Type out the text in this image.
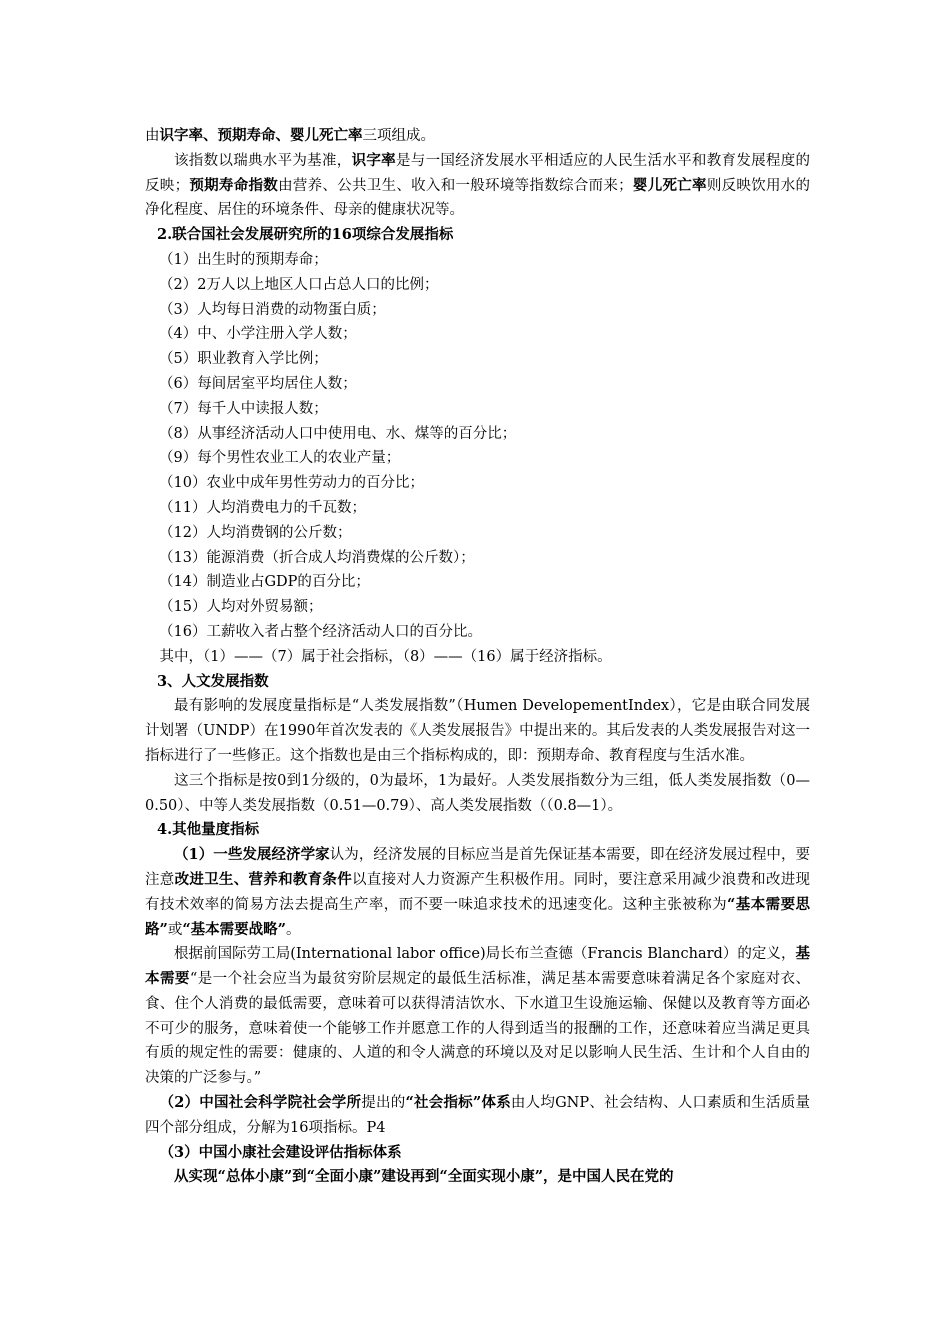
由识字率、预期寿命、婴儿死亡率三项组成。

该指数以瑞典水平为基准，识字率是与一国经济发展水平相适应的人民生活水平和教育发展程度的反映；预期寿命指数由营养、公共卫生、收入和一般环境等指数综合而来；婴儿死亡率则反映饮用水的净化程度、居住的环境条件、母亲的健康状况等。

2.联合国社会发展研究所的16项综合发展指标

（1）出生时的预期寿命；

（2）2万人以上地区人口占总人口的比例；

（3）人均每日消费的动物蛋白质；

（4）中、小学注册入学人数；

（5）职业教育入学比例；

（6）每间居室平均居住人数；

（7）每千人中读报人数；

（8）从事经济活动人口中使用电、水、煤等的百分比；

（9）每个男性农业工人的农业产量；

（10）农业中成年男性劳动力的百分比；

（11）人均消费电力的千瓦数；

（12）人均消费钢的公斤数；

（13）能源消费（折合成人均消费煤的公斤数）；

（14）制造业占GDP的百分比；

（15）人均对外贸易额；

（16）工薪收入者占整个经济活动人口的百分比。

其中，（1）——（7）属于社会指标，（8）——（16）属于经济指标。

3、人文发展指数

最有影响的发展度量指标是“人类发展指数”（Humen DevelopementIndex），它是由联合同发展计划署（UNDP）在1990年首次发表的《人类发展报告》中提出来的。其后发表的人类发展报告对这一指标进行了一些修正。这个指数也是由三个指标构成的，即：预期寿命、教育程度与生活水准。

这三个指标是按0到1分级的，0为最坏，1为最好。人类发展指数分为三组，低人类发展指数（0—0.50）、中等人类发展指数（0.51—0.79）、高人类发展指数（（0.8—1）。

4.其他量度指标

（1）一些发展经济学家认为，经济发展的目标应当是首先保证基本需要，即在经济发展过程中，要注意改进卫生、营养和教育条件以直接对人力资源产生积极作用。同时，要注意采用减少浪费和改进现有技术效率的简易方法去提高生产率，而不要一味追求技术的迅速变化。这种主张被称为“基本需要思路”或“基本需要战略”。

根据前国际劳工局(International labor office)局长布兰查德（Francis Blanchard）的定义，基本需要“是一个社会应当为最贫穷阶层规定的最低生活标准，满足基本需要意味着满足各个家庭对衣、食、住个人消费的最低需要，意味着可以获得清洁饮水、下水道卫生设施运输、保健以及教育等方面必不可少的服务，意味着使一个能够工作并愿意工作的人得到适当的报酬的工作，还意味着应当满足更具有质的规定性的需要：健康的、人道的和令人满意的环境以及对足以影响人民生活、生计和个人自由的决策的广泛参与。”

（2）中国社会科学院社会学所提出的“社会指标”体系由人均GNP、社会结构、人口素质和生活质量四个部分组成，分解为16项指标。P4

（3）中国小康社会建设评估指标体系

从实现“总体小康”到“全面小康”建设再到“全面实现小康”，是中国人民在党的
